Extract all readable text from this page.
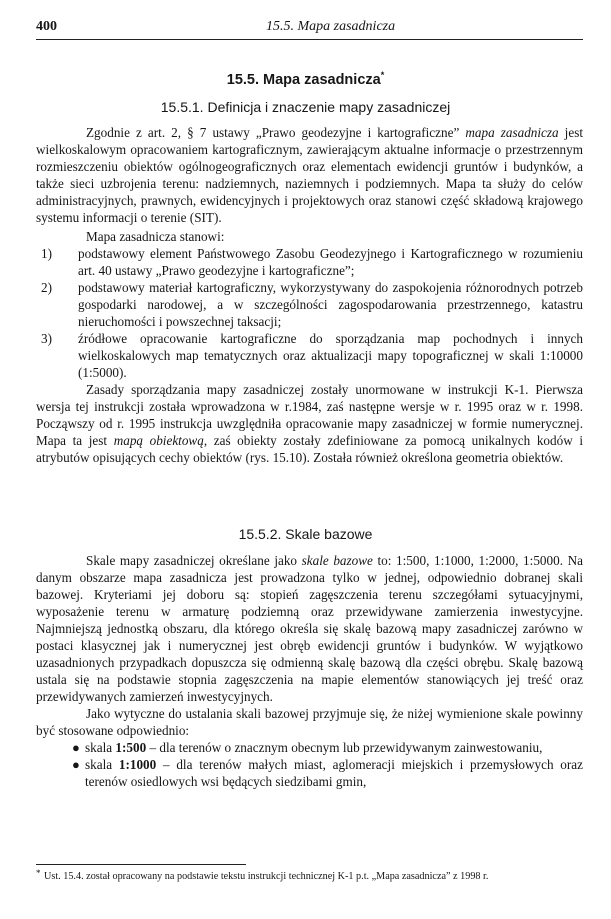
400	15.5. Mapa zasadnicza
15.5. Mapa zasadnicza*
15.5.1. Definicja i znaczenie mapy zasadniczej

Zgodnie z art. 2, § 7 ustawy „Prawo geodezyjne i kartograficzne” mapa zasadnicza jest wielkoskalowym opracowaniem kartograficznym, zawierającym aktualne informacje o przestrzennym rozmieszczeniu obiektów ogólnogeograficznych oraz elementach ewidencji gruntów i budynków, a także sieci uzbrojenia terenu: nadziemnych, naziemnych i podziemnych. Mapa ta służy do celów administracyjnych, prawnych, ewidencyjnych i projektowych oraz stanowi część składową krajowego systemu informacji o terenie (SIT).

Mapa zasadnicza stanowi:

1) podstawowy element Państwowego Zasobu Geodezyjnego i Kartograficznego w rozumieniu art. 40 ustawy „Prawo geodezyjne i kartograficzne”;
2) podstawowy materiał kartograficzny, wykorzystywany do zaspokojenia różnorodnych potrzeb gospodarki narodowej, a w szczególności zagospodarowania przestrzennego, katastru nieruchomości i powszechnej taksacji;
3) źródłowe opracowanie kartograficzne do sporządzania map pochodnych i innych wielkoskalowych map tematycznych oraz aktualizacji mapy topograficznej w skali 1:10000 (1:5000).

Zasady sporządzania mapy zasadniczej zostały unormowane w instrukcji K-1. Pierwsza wersja tej instrukcji została wprowadzona w r.1984, zaś następne wersje w r. 1995 oraz w r. 1998. Począwszy od r. 1995 instrukcja uwzględniła opracowanie mapy zasadniczej w formie numerycznej. Mapa ta jest mapą obiektową, zaś obiekty zostały zdefiniowane za pomocą unikalnych kodów i atrybutów opisujących cechy obiektów (rys. 15.10). Została również określona geometria obiektów.

15.5.2. Skale bazowe

Skale mapy zasadniczej określane jako skale bazowe to: 1:500, 1:1000, 1:2000, 1:5000. Na danym obszarze mapa zasadnicza jest prowadzona tylko w jednej, odpowiednio dobranej skali bazowej. Kryteriami jej doboru są: stopień zagęszczenia terenu szczegółami sytuacyjnymi, wyposażenie terenu w armaturę podziemną oraz przewidywane zamierzenia inwestycyjne. Najmniejszą jednostką obszaru, dla którego określa się skalę bazową mapy zasadniczej zarówno w postaci klasycznej jak i numerycznej jest obręb ewidencji gruntów i budynków. W wyjątkowo uzasadnionych przypadkach dopuszcza się odmienną skalę bazową dla części obrębu. Skalę bazową ustala się na podstawie stopnia zagęszczenia na mapie elementów stanowiących jej treść oraz przewidywanych zamierzeń inwestycyjnych.

Jako wytyczne do ustalania skali bazowej przyjmuje się, że niżej wymienione skale powinny być stosowane odpowiednio:

● skala 1:500 – dla terenów o znacznym obecnym lub przewidywanym zainwestowaniu,
● skala 1:1000 – dla terenów małych miast, aglomeracji miejskich i przemysłowych oraz terenów osiedlowych wsi będących siedzibami gmin,
* Ust. 15.4. został opracowany na podstawie tekstu instrukcji technicznej K-1 p.t. „Mapa zasadnicza” z 1998 r.
